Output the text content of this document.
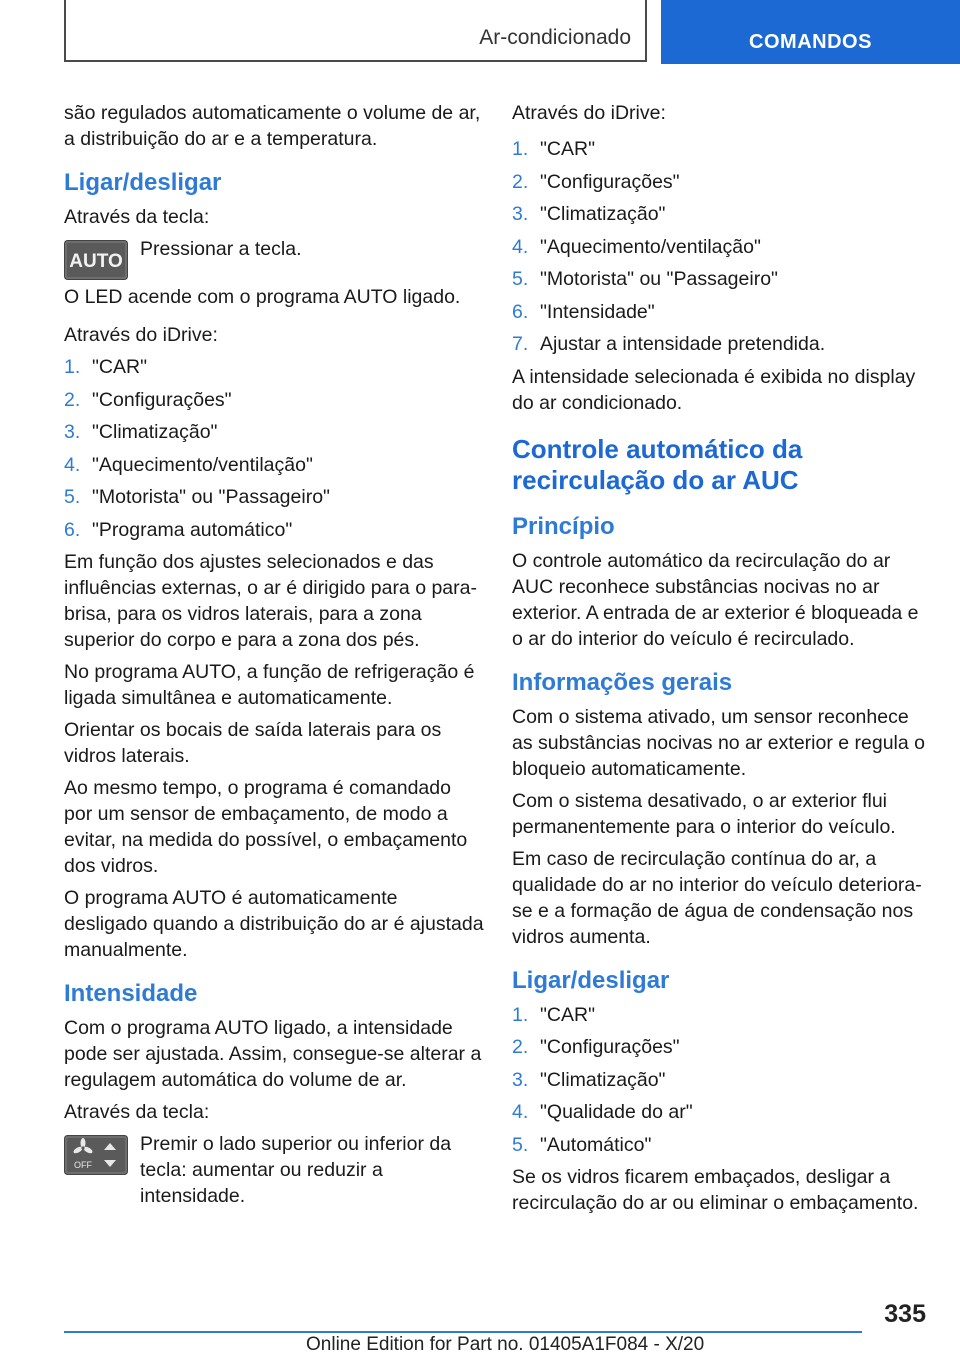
Ar-condicionado	COMANDOS

são regulados automaticamente o volume de ar, a distribuição do ar e a temperatura.

Ligar/desligar

Através da tecla:

AUTO

Pressionar a tecla.

O LED acende com o programa AUTO ligado.

Através do iDrive:

1. "CAR"
2. "Configurações"
3. "Climatização"
4. "Aquecimento/ventilação"
5. "Motorista" ou "Passageiro"
6. "Programa automático"

Em função dos ajustes selecionados e das influências externas, o ar é dirigido para o para-brisa, para os vidros laterais, para a zona superior do corpo e para a zona dos pés.

No programa AUTO, a função de refrigeração é ligada simultânea e automaticamente.

Orientar os bocais de saída laterais para os vidros laterais.

Ao mesmo tempo, o programa é comandado por um sensor de embaçamento, de modo a evitar, na medida do possível, o embaçamento dos vidros.

O programa AUTO é automaticamente desligado quando a distribuição do ar é ajustada manualmente.

Intensidade

Com o programa AUTO ligado, a intensidade pode ser ajustada. Assim, consegue-se alterar a regulagem automática do volume de ar.

Através da tecla:

OFF

Premir o lado superior ou inferior da tecla: aumentar ou reduzir a intensidade.

Através do iDrive:

1. "CAR"
2. "Configurações"
3. "Climatização"
4. "Aquecimento/ventilação"
5. "Motorista" ou "Passageiro"
6. "Intensidade"
7. Ajustar a intensidade pretendida.

A intensidade selecionada é exibida no display do ar condicionado.

Controle automático da recirculação do ar AUC
Princípio

O controle automático da recirculação do ar AUC reconhece substâncias nocivas no ar exterior. A entrada de ar exterior é bloqueada e o ar do interior do veículo é recirculado.

Informações gerais

Com o sistema ativado, um sensor reconhece as substâncias nocivas no ar exterior e regula o bloqueio automaticamente.

Com o sistema desativado, o ar exterior flui permanentemente para o interior do veículo.

Em caso de recirculação contínua do ar, a qualidade do ar no interior do veículo deteriora-se e a formação de água de condensação nos vidros aumenta.

Ligar/desligar
1. "CAR"
2. "Configurações"
3. "Climatização"
4. "Qualidade do ar"
5. "Automático"

Se os vidros ficarem embaçados, desligar a recirculação do ar ou eliminar o embaçamento.

335
Online Edition for Part no. 01405A1F084 - X/20
